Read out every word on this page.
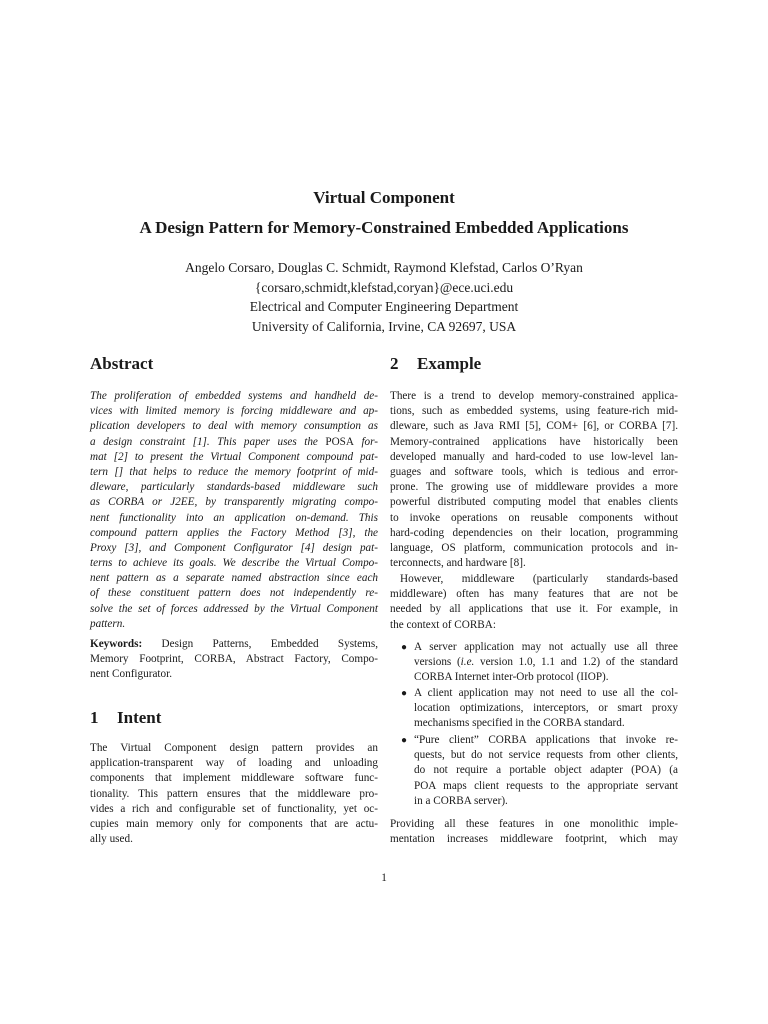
Virtual Component
A Design Pattern for Memory-Constrained Embedded Applications
Angelo Corsaro, Douglas C. Schmidt, Raymond Klefstad, Carlos O’Ryan
{corsaro,schmidt,klefstad,coryan}@ece.uci.edu
Electrical and Computer Engineering Department
University of California, Irvine, CA 92697, USA
Abstract
The proliferation of embedded systems and handheld de-
vices with limited memory is forcing middleware and ap-
plication developers to deal with memory consumption as
a design constraint [1]. This paper uses the POSA for-
mat [2] to present the Virtual Component compound pat-
tern [] that helps to reduce the memory footprint of mid-
dleware, particularly standards-based middleware such
as CORBA or J2EE, by transparently migrating compo-
nent functionality into an application on-demand. This
compound pattern applies the Factory Method [3], the
Proxy [3], and Component Configurator [4] design pat-
terns to achieve its goals. We describe the Virtual Compo-
nent pattern as a separate named abstraction since each
of these constituent pattern does not independently re-
solve the set of forces addressed by the Virtual Component
pattern.
Keywords: Design Patterns, Embedded Systems,
Memory Footprint, CORBA, Abstract Factory, Compo-
nent Configurator.
1 Intent
The Virtual Component design pattern provides an
application-transparent way of loading and unloading
components that implement middleware software func-
tionality. This pattern ensures that the middleware pro-
vides a rich and configurable set of functionality, yet oc-
cupies main memory only for components that are actu-
ally used.
2 Example
There is a trend to develop memory-constrained applica-
tions, such as embedded systems, using feature-rich mid-
dleware, such as Java RMI [5], COM+ [6], or CORBA [7].
Memory-contrained applications have historically been
developed manually and hard-coded to use low-level lan-
guages and software tools, which is tedious and error-
prone. The growing use of middleware provides a more
powerful distributed computing model that enables clients
to invoke operations on reusable components without
hard-coding dependencies on their location, programming
language, OS platform, communication protocols and in-
terconnects, and hardware [8].
However, middleware (particularly standards-based
middleware) often has many features that are not be
needed by all applications that use it. For example, in
the context of CORBA:
● A server application may not actually use all three
versions (i.e. version 1.0, 1.1 and 1.2) of the standard
CORBA Internet inter-Orb protocol (IIOP).
● A client application may not need to use all the col-
location optimizations, interceptors, or smart proxy
mechanisms specified in the CORBA standard.
● “Pure client” CORBA applications that invoke re-
quests, but do not service requests from other clients,
do not require a portable object adapter (POA) (a
POA maps client requests to the appropriate servant
in a CORBA server).
Providing all these features in one monolithic imple-
mentation increases middleware footprint, which may
1
